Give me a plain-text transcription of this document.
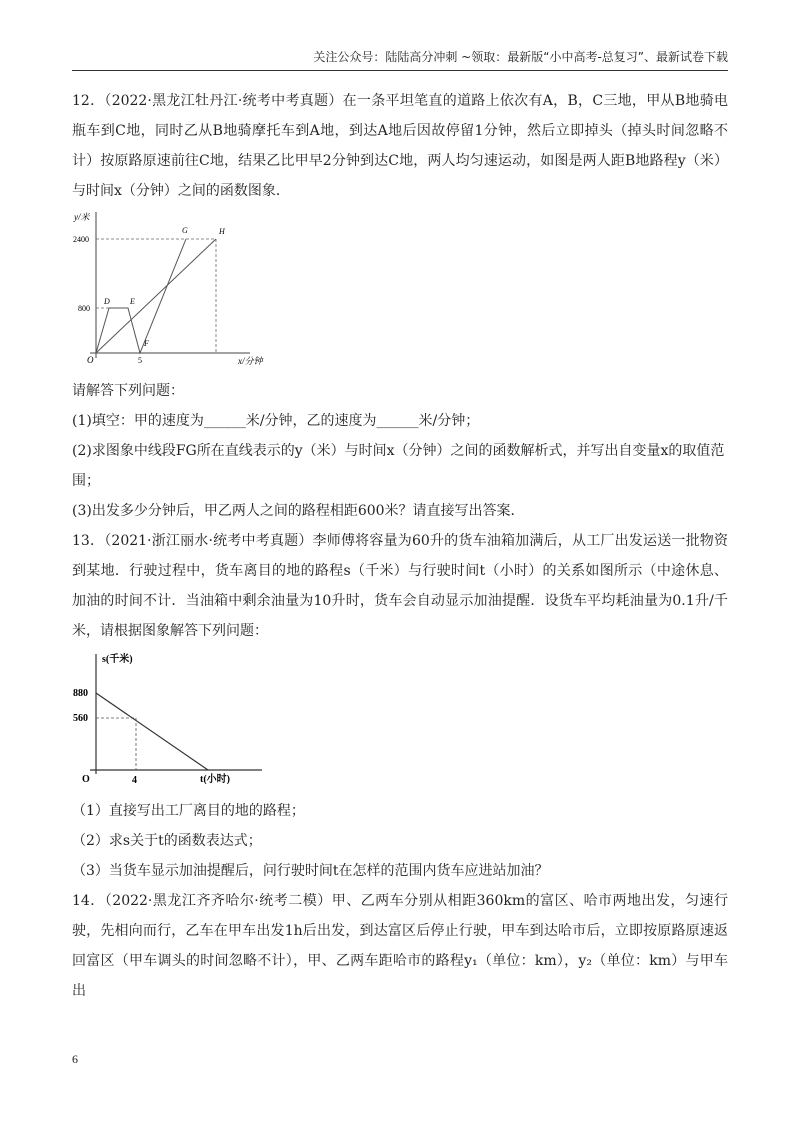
关注公众号：陆陆高分冲刺 ~领取：最新版“小中高考-总复习”、最新试卷下载

12．（2022·黑龙江牡丹江·统考中考真题）在一条平坦笔直的道路上依次有A，B，C三地，甲从B地骑电瓶车到C地，同时乙从B地骑摩托车到A地，到达A地后因故停留1分钟，然后立即掉头（掉头时间忽略不计）按原路原速前往C地，结果乙比甲早2分钟到达C地，两人均匀速运动，如图是两人距B地路程y（米）与时间x（分钟）之间的函数图象．

y/米
2400
800
O	5	x/分钟
D	E
F
G	H

请解答下列问题：

(1)填空：甲的速度为______米/分钟，乙的速度为______米/分钟；

(2)求图象中线段FG所在直线表示的y（米）与时间x（分钟）之间的函数解析式，并写出自变量x的取值范围；

(3)出发多少分钟后，甲乙两人之间的路程相距600米？请直接写出答案．

13．（2021·浙江丽水·统考中考真题）李师傅将容量为60升的货车油箱加满后，从工厂出发运送一批物资到某地．行驶过程中，货车离目的地的路程s（千米）与行驶时间t（小时）的关系如图所示（中途休息、加油的时间不计．当油箱中剩余油量为10升时，货车会自动显示加油提醒．设货车平均耗油量为0.1升/千米，请根据图象解答下列问题：

s(千米)
880
560
O	4	t(小时)

（1）直接写出工厂离目的地的路程；

（2）求s关于t的函数表达式；

（3）当货车显示加油提醒后，问行驶时间t在怎样的范围内货车应进站加油？

14．（2022·黑龙江齐齐哈尔·统考二模）甲、乙两车分别从相距360km的富区、哈市两地出发，匀速行驶，先相向而行，乙车在甲车出发1h后出发，到达富区后停止行驶，甲车到达哈市后，立即按原路原速返回富区（甲车调头的时间忽略不计），甲、乙两车距哈市的路程y₁（单位：km），y₂（单位：km）与甲车出

6
